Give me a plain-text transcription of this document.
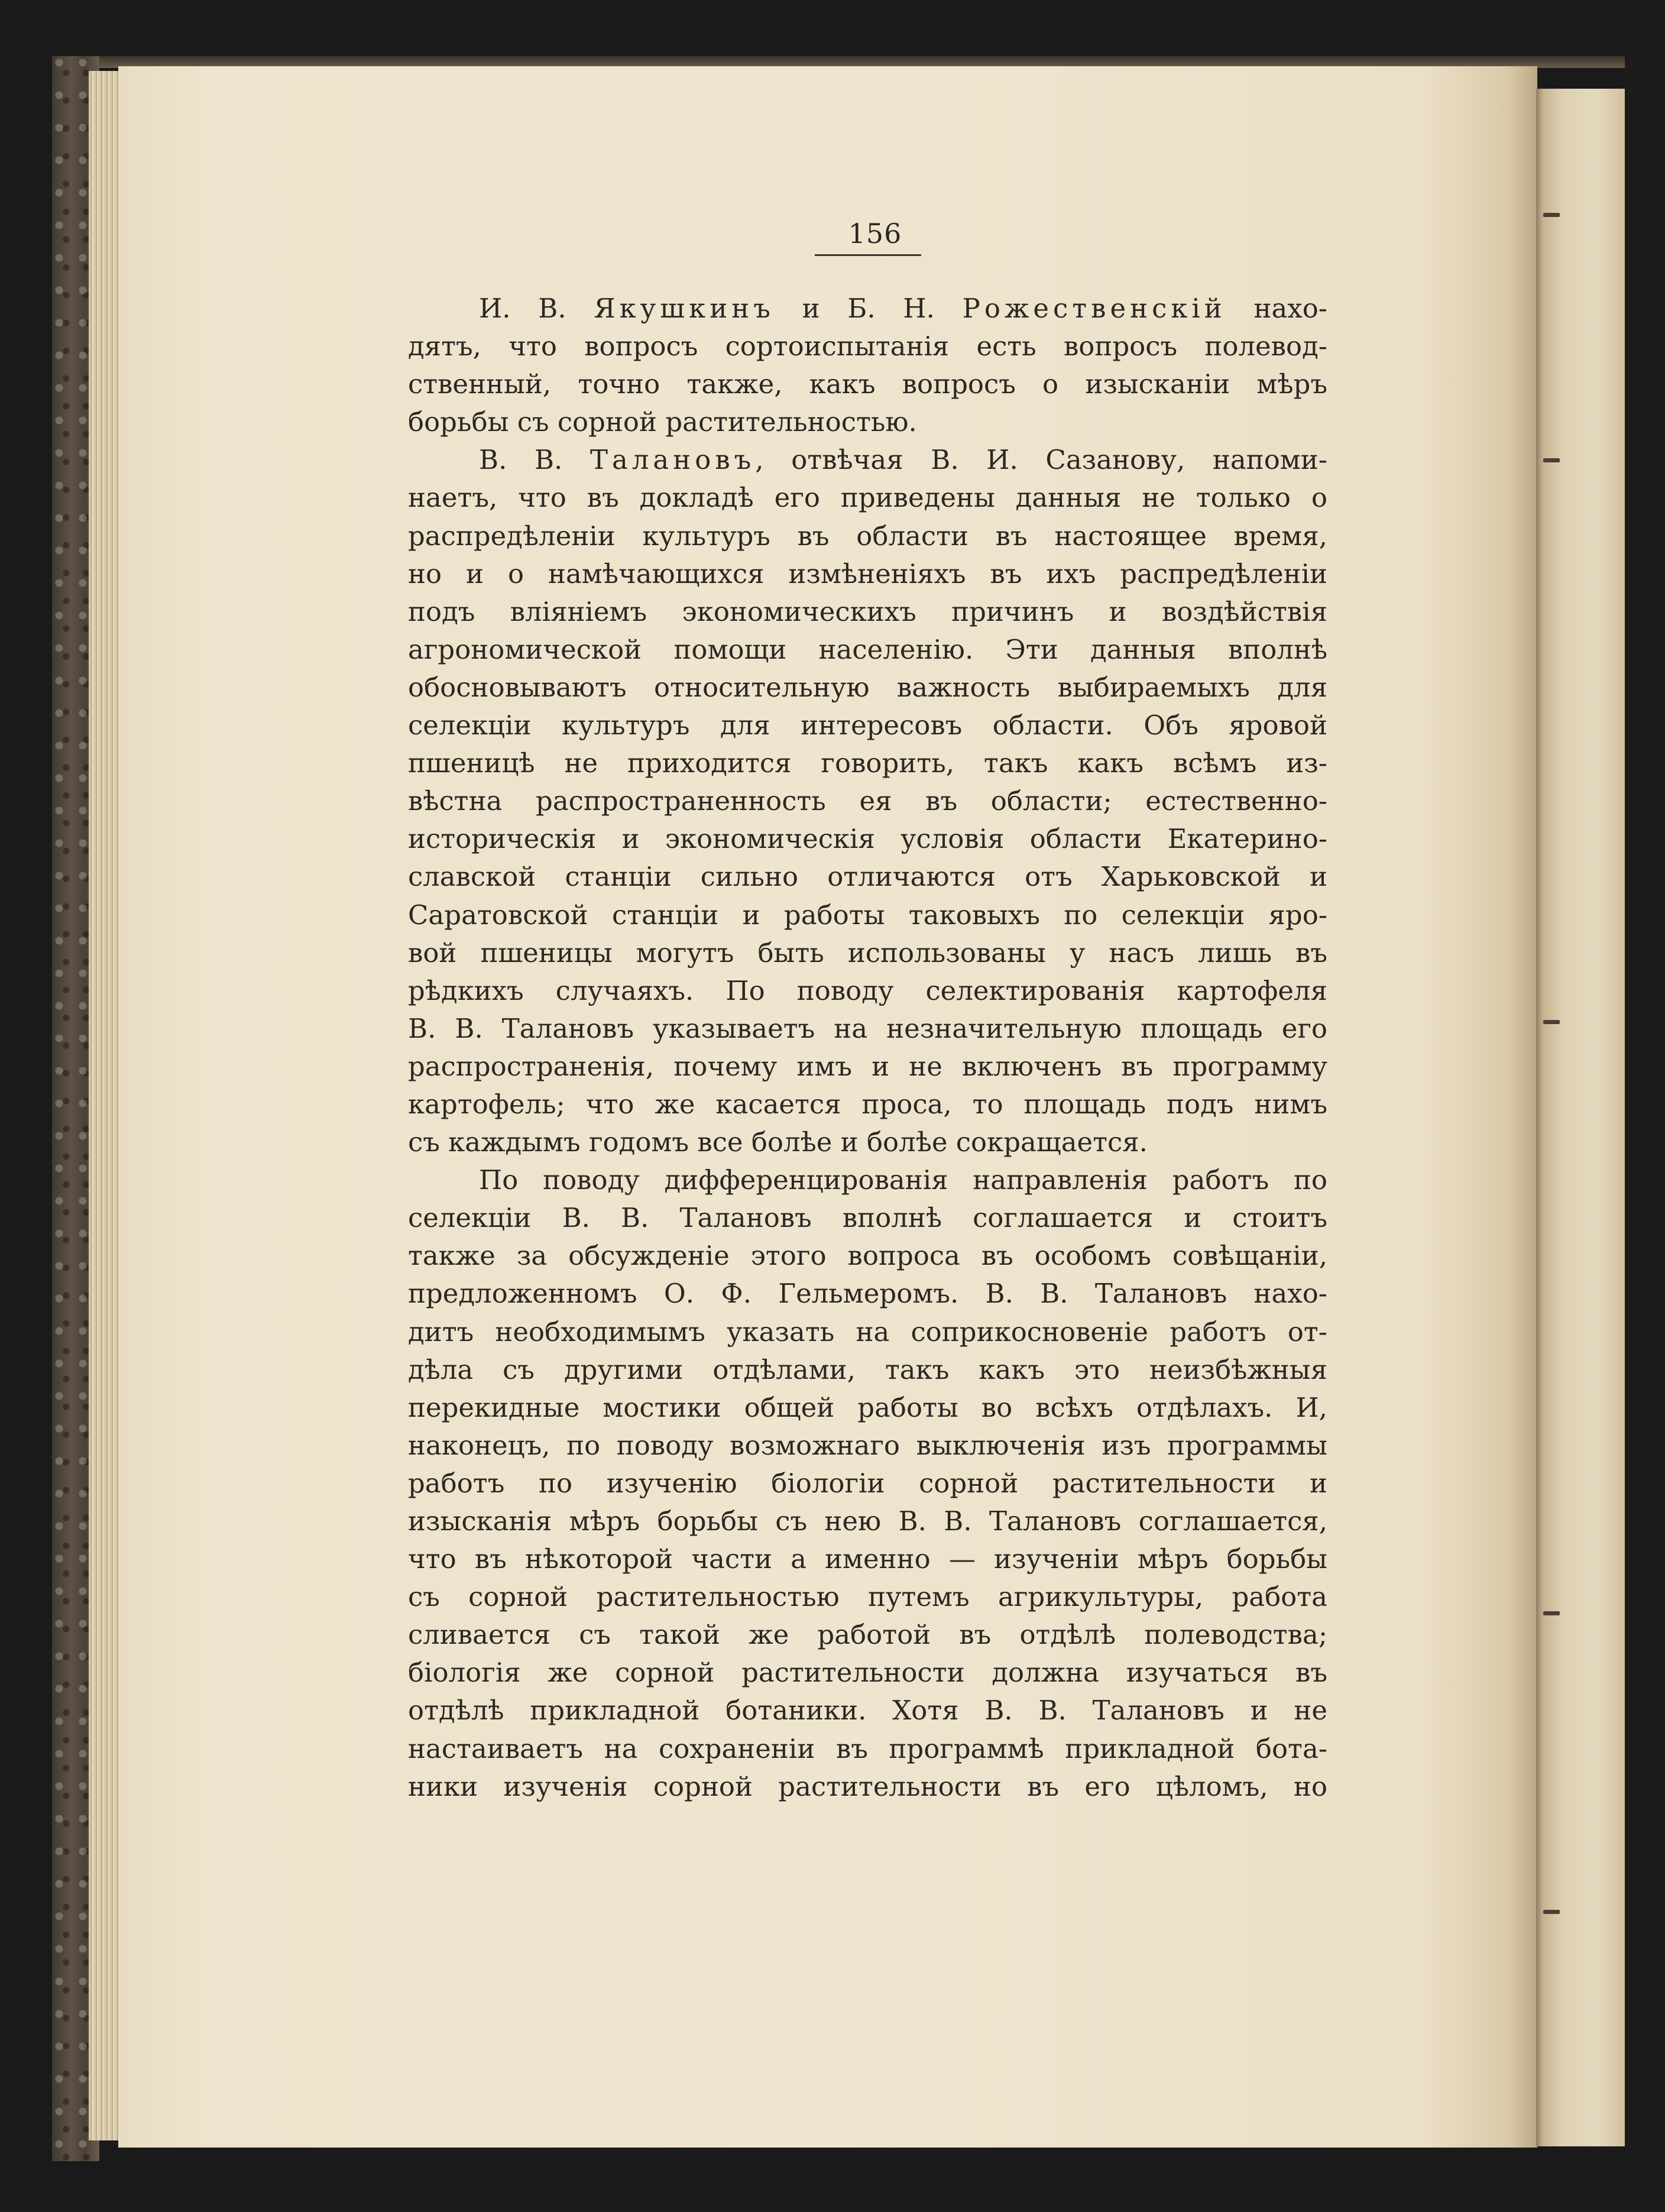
156
И. В. Якушкинъ и Б. Н. Рожественскій нахо-
дятъ, что вопросъ сортоиспытанія есть вопросъ полевод-
ственный, точно также, какъ вопросъ о изысканіи мѣръ
борьбы съ сорной растительностью.
В. В. Талановъ, отвѣчая В. И. Сазанову, напоми-
наетъ, что въ докладѣ его приведены данныя не только о
распредѣленіи культуръ въ области въ настоящее время,
но и о намѣчающихся измѣненіяхъ въ ихъ распредѣленіи
подъ вліяніемъ экономическихъ причинъ и воздѣйствія
агрономической помощи населенію. Эти данныя вполнѣ
обосновываютъ относительную важность выбираемыхъ для
селекціи культуръ для интересовъ области. Объ яровой
пшеницѣ не приходится говорить, такъ какъ всѣмъ из-
вѣстна распространенность ея въ области; естественно-
историческія и экономическія условія области Екатерино-
славской станціи сильно отличаются отъ Харьковской и
Саратовской станціи и работы таковыхъ по селекціи яро-
вой пшеницы могутъ быть использованы у насъ лишь въ
рѣдкихъ случаяхъ. По поводу селектированія картофеля
В. В. Талановъ указываетъ на незначительную площадь его
распространенія, почему имъ и не включенъ въ программу
картофель; что же касается проса, то площадь подъ нимъ
съ каждымъ годомъ все болѣе и болѣе сокращается.
По поводу дифференцированія направленія работъ по
селекціи В. В. Талановъ вполнѣ соглашается и стоитъ
также за обсужденіе этого вопроса въ особомъ совѣщаніи,
предложенномъ О. Ф. Гельмеромъ. В. В. Талановъ нахо-
дитъ необходимымъ указать на соприкосновеніе работъ от-
дѣла съ другими отдѣлами, такъ какъ это неизбѣжныя
перекидные мостики общей работы во всѣхъ отдѣлахъ. И,
наконецъ, по поводу возможнаго выключенія изъ программы
работъ по изученію біологіи сорной растительности и
изысканія мѣръ борьбы съ нею В. В. Талановъ соглашается,
что въ нѣкоторой части а именно — изученіи мѣръ борьбы
съ сорной растительностью путемъ агрикультуры, работа
сливается съ такой же работой въ отдѣлѣ полеводства;
біологія же сорной растительности должна изучаться въ
отдѣлѣ прикладной ботаники. Хотя В. В. Талановъ и не
настаиваетъ на сохраненіи въ программѣ прикладной бота-
ники изученія сорной растительности въ его цѣломъ, но
